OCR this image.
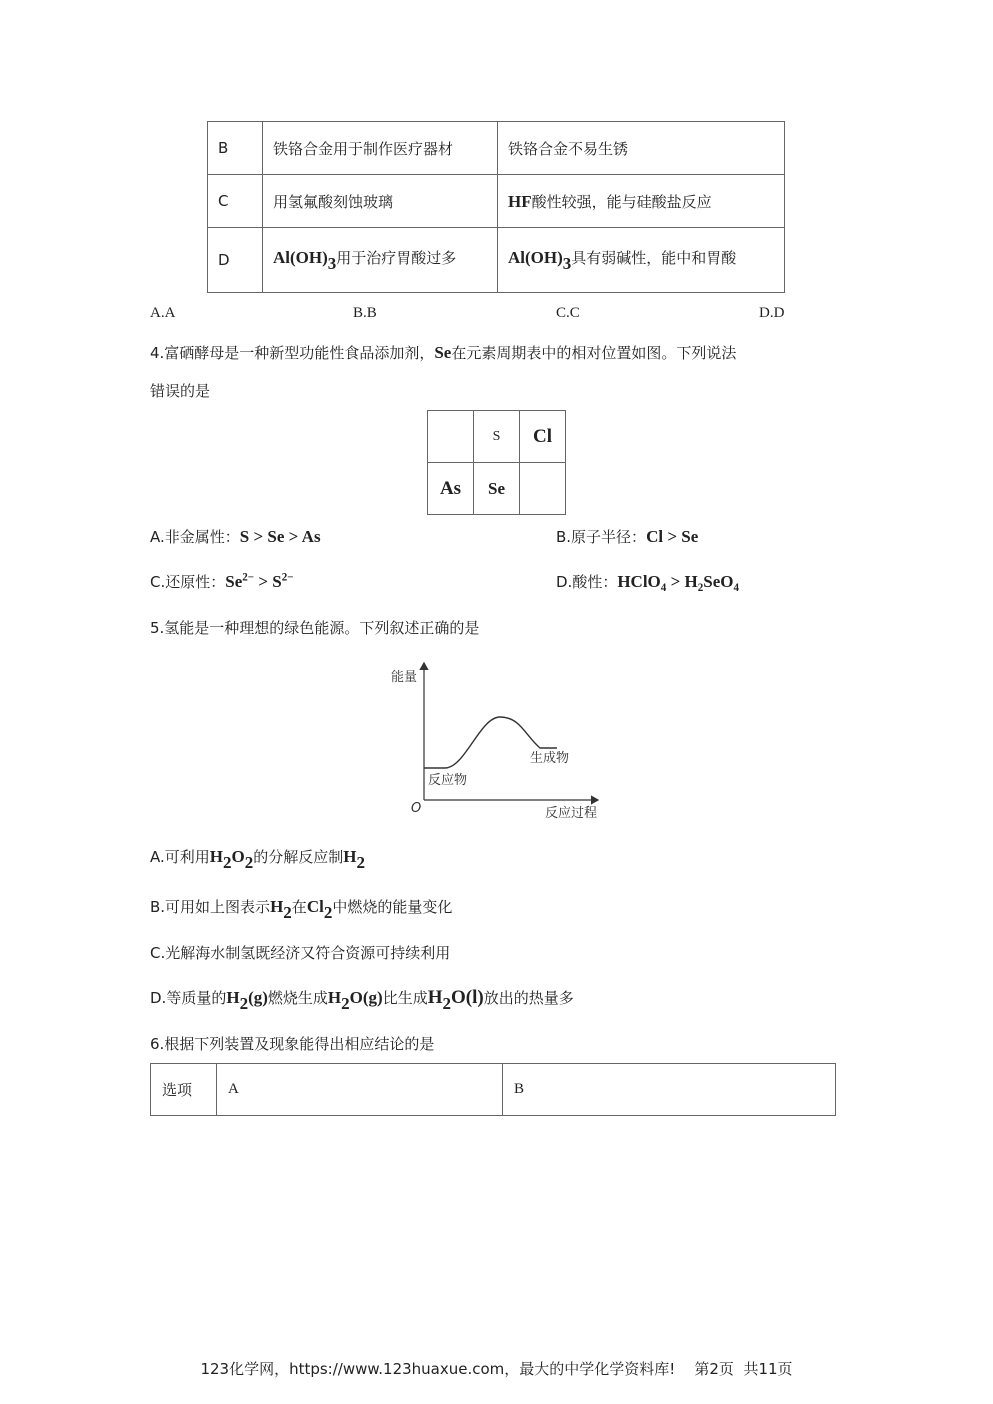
B	铁铬合金用于制作医疗器材	铁铬合金不易生锈
C	用氢氟酸刻蚀玻璃	HF酸性较强，能与硅酸盐反应
D	$Al(OH)_3$用于治疗胃酸过多	$Al(OH)_3$具有弱碱性，能中和胃酸
A.A	B.B	C.C	D.D
4.富硒酵母是一种新型功能性食品添加剂，Se在元素周期表中的相对位置如图。下列说法
错误的是
	S	Cl
As	Se	
A.非金属性：S > Se > As	B.原子半径：Cl > Se
C.还原性：$Se^{2-} > S^{2-}$	D.酸性：HClO$_4$ > $H_2SeO_4$
5.氢能是一种理想的绿色能源。下列叙述正确的是
能量
反应过程
O
反应物
生成物
A.可利用$H_2O_2$的分解反应制$H_2$
B.可用如上图表示$H_2$在$Cl_2$中燃烧的能量变化
C.光解海水制氢既经济又符合资源可持续利用
D.等质量的$H_2(g)$燃烧生成$H_2O(g)$比生成$H_2O(l)$放出的热量多
6.根据下列装置及现象能得出相应结论的是
选项	A	B
123化学网，https://www.123huaxue.com，最大的中学化学资料库!    第2页  共11页
